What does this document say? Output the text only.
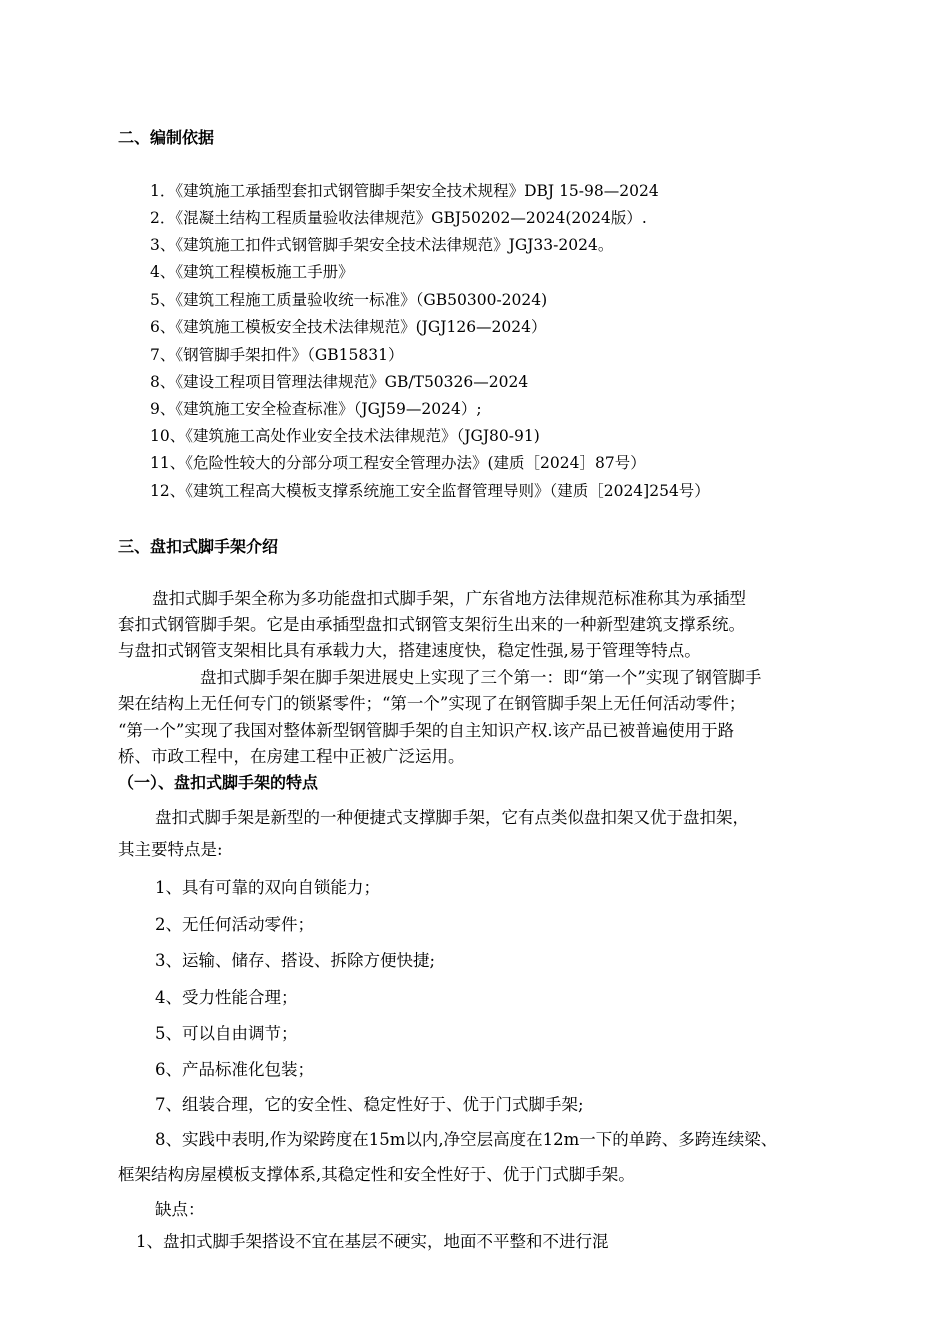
二、编制依据
1．《建筑施工承插型套扣式钢管脚手架安全技术规程》DBJ 15-98—2024
2．《混凝土结构工程质量验收法律规范》GBJ50202—2024(2024版）.
3、《建筑施工扣件式钢管脚手架安全技术法律规范》JGJ33-2024。
4、《建筑工程模板施工手册》
5、《建筑工程施工质量验收统一标准》（GB50300-2024)
6、《建筑施工模板安全技术法律规范》(JGJ126—2024）
7、《钢管脚手架扣件》（GB15831）
8、《建设工程项目管理法律规范》GB/T50326—2024
9、《建筑施工安全检查标准》（JGJ59—2024）;
10、《建筑施工高处作业安全技术法律规范》（JGJ80-91)
11、《危险性较大的分部分项工程安全管理办法》(建质［2024］87号）
12、《建筑工程高大模板支撑系统施工安全监督管理导则》（建质［2024]254号）
三、盘扣式脚手架介绍
盘扣式脚手架全称为多功能盘扣式脚手架，广东省地方法律规范标准称其为承插型
套扣式钢管脚手架。它是由承插型盘扣式钢管支架衍生出来的一种新型建筑支撑系统。
与盘扣式钢管支架相比具有承载力大，搭建速度快，稳定性强,易于管理等特点。
盘扣式脚手架在脚手架进展史上实现了三个第一：即“第一个”实现了钢管脚手
架在结构上无任何专门的锁紧零件；“第一个”实现了在钢管脚手架上无任何活动零件；
“第一个”实现了我国对整体新型钢管脚手架的自主知识产权.该产品已被普遍使用于路
桥、市政工程中，在房建工程中正被广泛运用。
（一）、盘扣式脚手架的特点
盘扣式脚手架是新型的一种便捷式支撑脚手架，它有点类似盘扣架又优于盘扣架，
其主要特点是:
1、具有可靠的双向自锁能力；
2、无任何活动零件；
3、运输、储存、搭设、拆除方便快捷;
4、受力性能合理；
5、可以自由调节；
6、产品标准化包装；
7、组装合理，它的安全性、稳定性好于、优于门式脚手架;
8、实践中表明,作为梁跨度在15m以内,净空层高度在12m一下的单跨、多跨连续梁、
框架结构房屋模板支撑体系,其稳定性和安全性好于、优于门式脚手架。
缺点：
1、盘扣式脚手架搭设不宜在基层不硬实，地面不平整和不进行混
